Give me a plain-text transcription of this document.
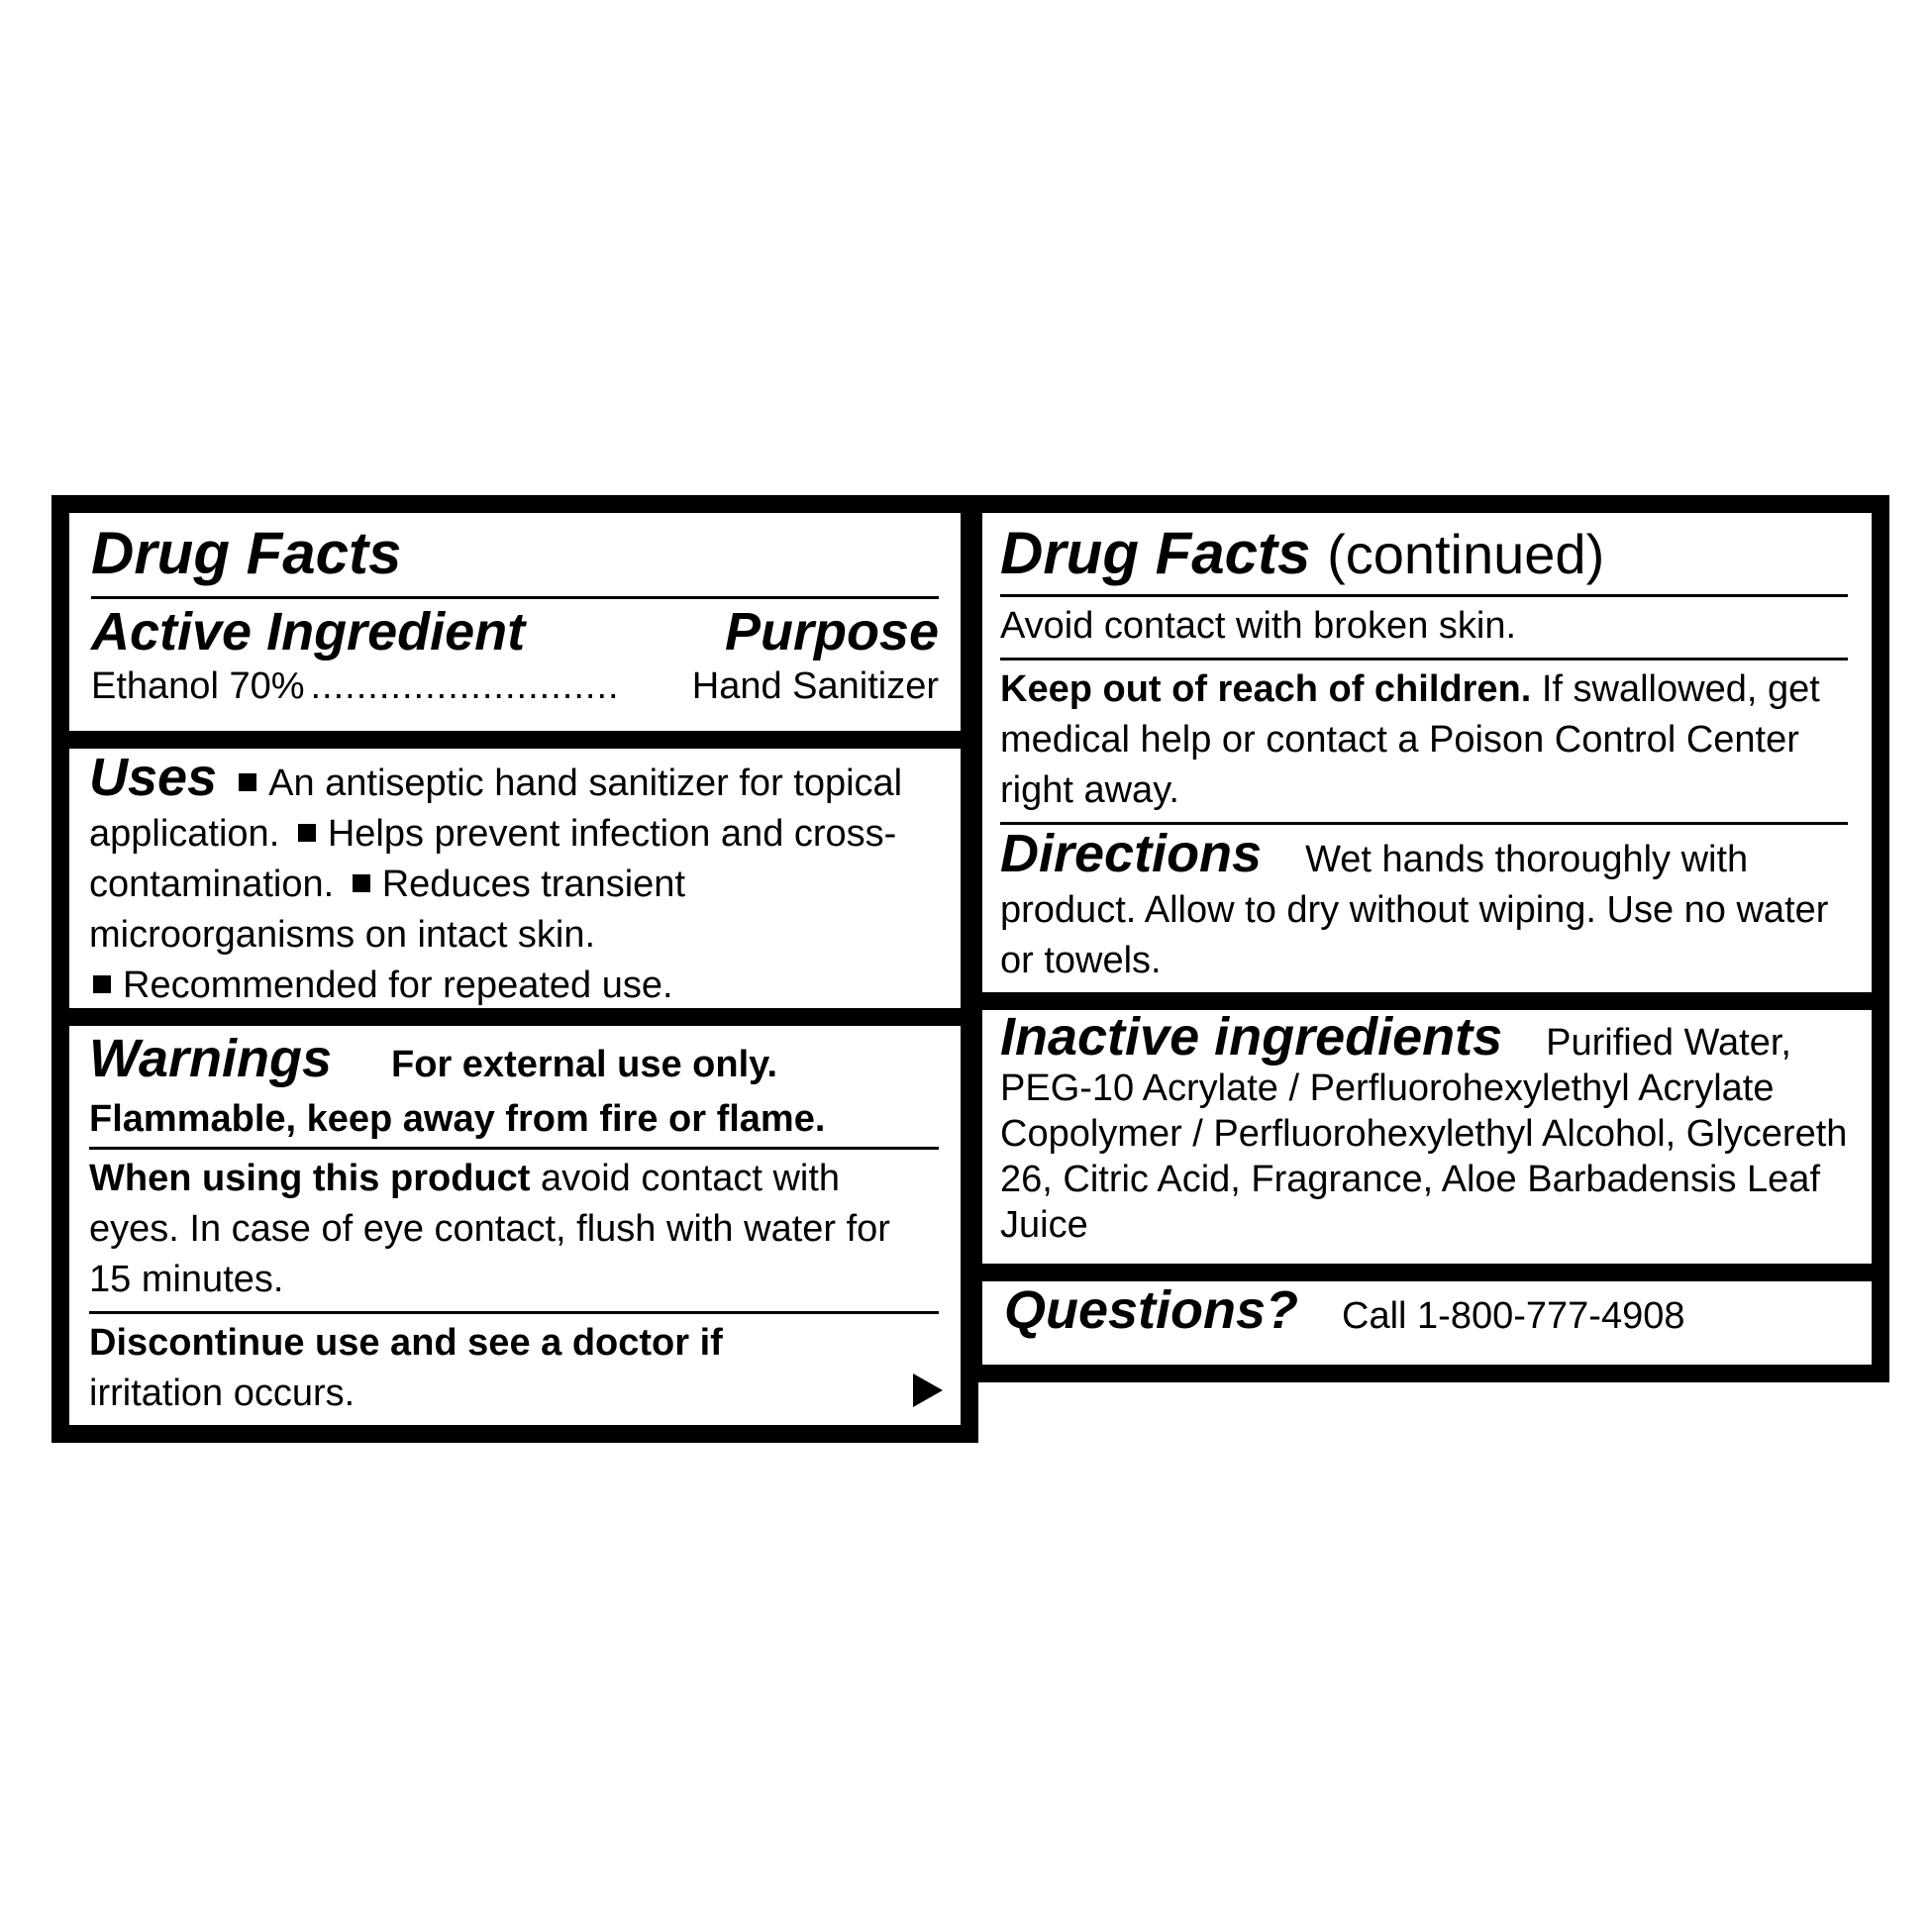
Drug Facts
Active Ingredient	Purpose
Ethanol 70% ...........................	Hand Sanitizer
Uses An antiseptic hand sanitizer for topical application. Helps prevent infection and cross-contamination. Reduces transient microorganisms on intact skin.
Recommended for repeated use.
Warnings For external use only.
Flammable, keep away from fire or flame.
When using this product avoid contact with eyes. In case of eye contact, flush with water for 15 minutes.
Discontinue use and see a doctor if
irritation occurs.
Drug Facts (continued)
Avoid contact with broken skin.
Keep out of reach of children. If swallowed, get medical help or contact a Poison Control Center right away.
Directions Wet hands thoroughly with product. Allow to dry without wiping. Use no water or towels.
Inactive ingredients Purified Water, PEG-10 Acrylate / Perfluorohexylethyl Acrylate Copolymer / Perfluorohexylethyl Alcohol, Glycereth 26, Citric Acid, Fragrance, Aloe Barbadensis Leaf Juice
Questions? Call 1-800-777-4908
